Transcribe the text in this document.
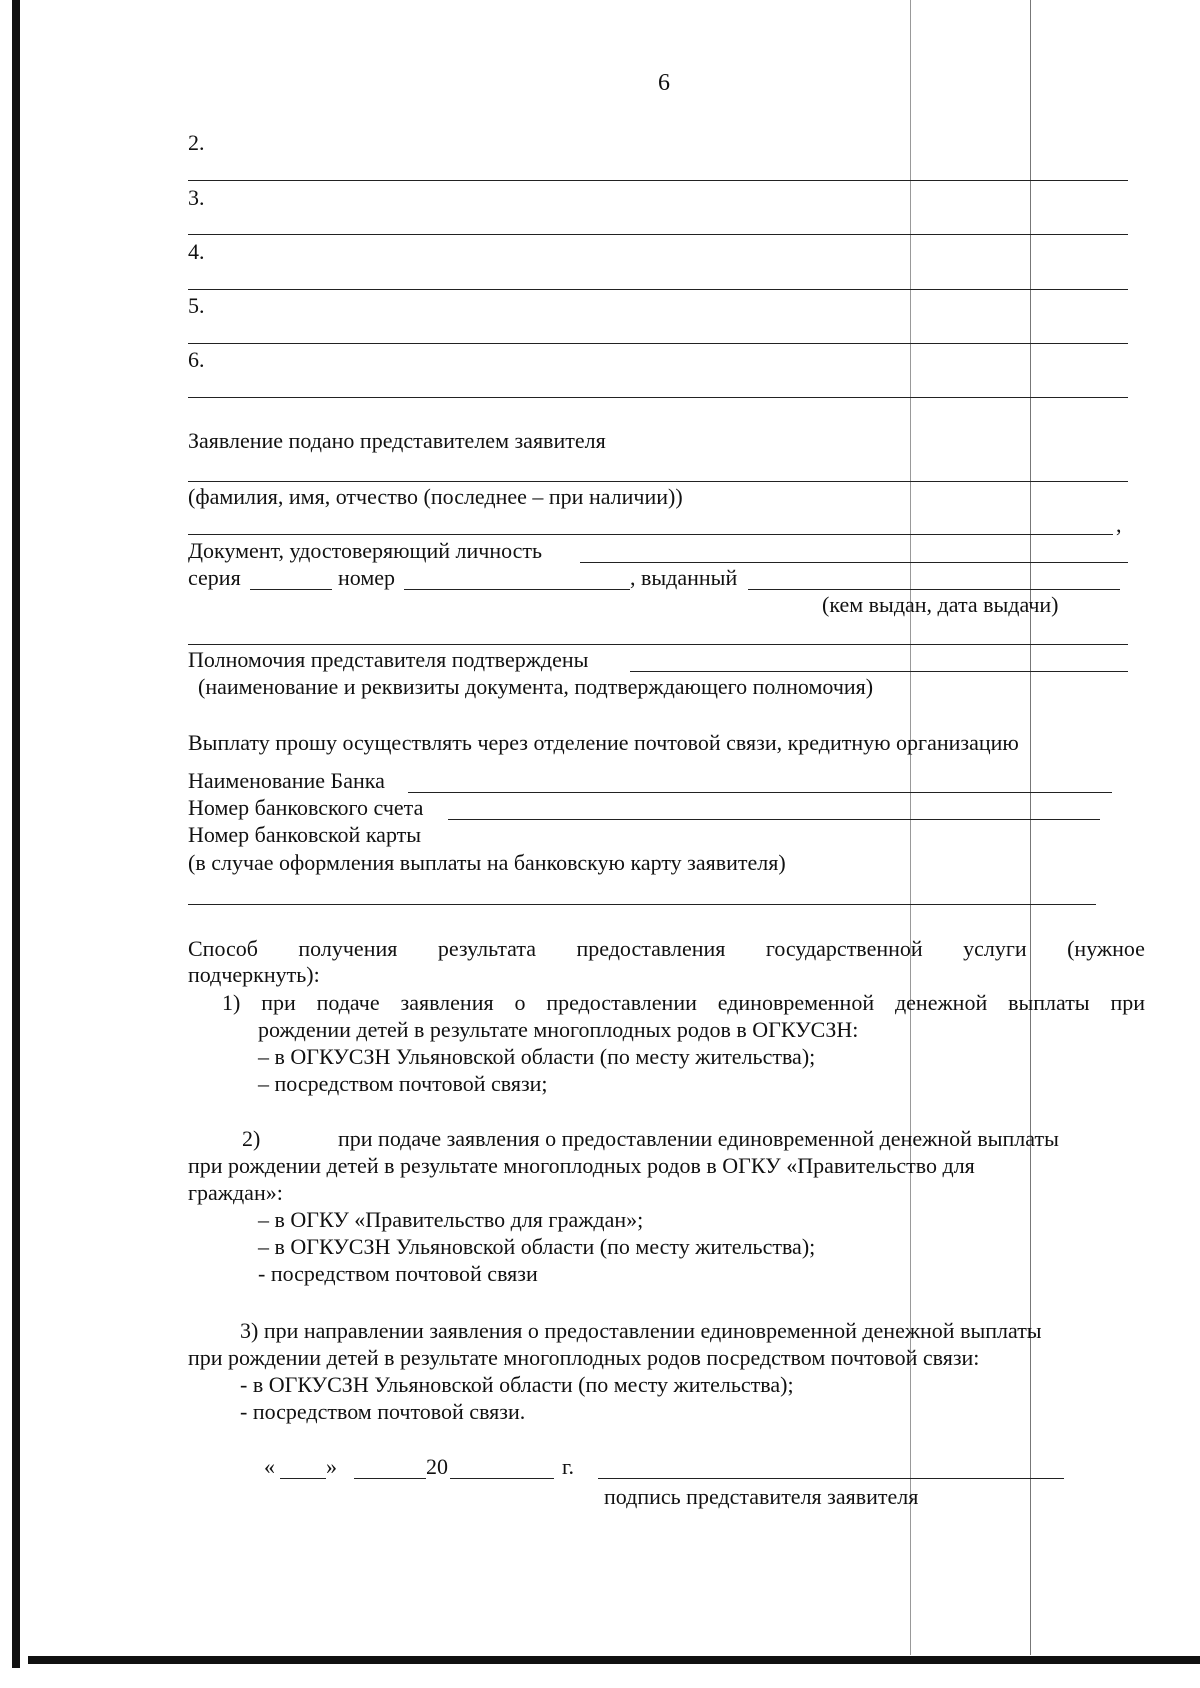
6
2.
3.
4.
5.
6.
Заявление подано представителем заявителя
(фамилия, имя, отчество (последнее – при наличии))
,
Документ, удостоверяющий личность
серия	номер	, выданный
(кем выдан, дата выдачи)
Полномочия представителя подтверждены
(наименование и реквизиты документа, подтверждающего полномочия)
Выплату прошу осуществлять через отделение почтовой связи, кредитную организацию
Наименование Банка
Номер банковского счета
Номер банковской карты
(в случае оформления выплаты на банковскую карту заявителя)
Способ получения результата предоставления государственной услуги (нужное
подчеркнуть):
1) при подаче заявления о предоставлении единовременной денежной выплаты при
рождении детей в результате многоплодных родов в ОГКУСЗН:
– в ОГКУСЗН Ульяновской области (по месту жительства);
– посредством почтовой связи;
2)	при подаче заявления о предоставлении единовременной денежной выплаты
при рождении детей в результате многоплодных родов в ОГКУ «Правительство для
граждан»:
– в ОГКУ «Правительство для граждан»;
– в ОГКУСЗН Ульяновской области (по месту жительства);
- посредством почтовой связи
3) при направлении заявления о предоставлении единовременной денежной выплаты
при рождении детей в результате многоплодных родов посредством почтовой связи:
- в ОГКУСЗН Ульяновской области (по месту жительства);
- посредством почтовой связи.
« »	20	г.
подпись представителя заявителя
